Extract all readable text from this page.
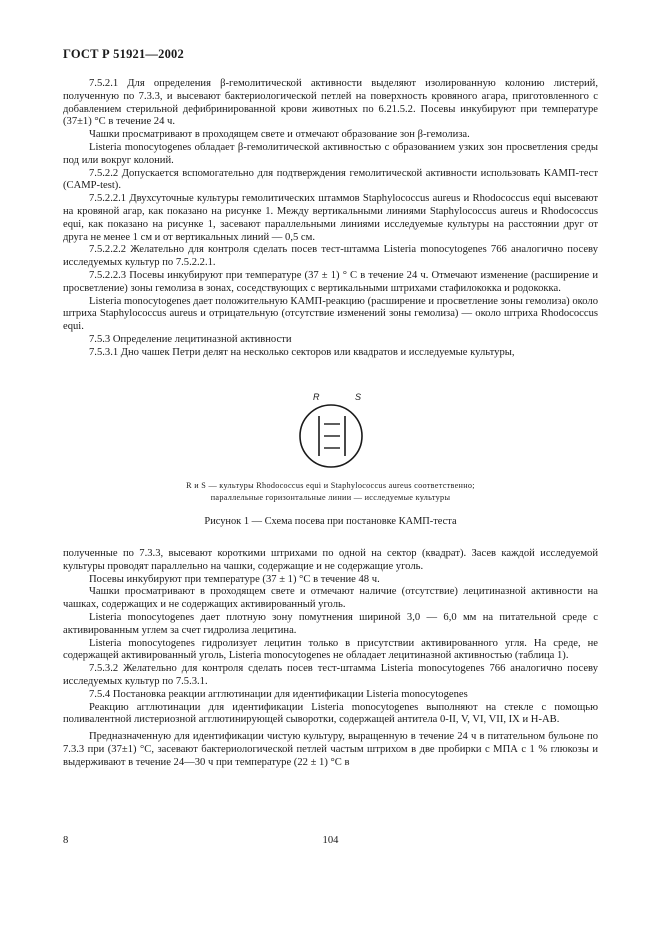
ГОСТ Р 51921—2002

7.5.2.1 Для определения β-гемолитической активности выделяют изолированную колонию листерий, полученную по 7.3.3, и высевают бактериологической петлей на поверхность кровяного агара, приготовленного с добавлением стерильной дефибринированной крови животных по 6.21.5.2. Посевы инкубируют при температуре (37±1) °С в течение 24 ч.

Чашки просматривают в проходящем свете и отмечают образование зон β-гемолиза.

Listeria monocytogenes обладает β-гемолитической активностью с образованием узких зон просветления среды под или вокруг колоний.

7.5.2.2 Допускается вспомогательно для подтверждения гемолитической активности использовать КАМП-тест (CAMP-test).

7.5.2.2.1 Двухсуточные культуры гемолитических штаммов Staphylococcus aureus и Rhodococcus equi высевают на кровяной агар, как показано на рисунке 1. Между вертикальными линиями Staphylococcus aureus и Rhodococcus equi, как показано на рисунке 1, засевают параллельными линиями исследуемые культуры на расстоянии друг от друга не менее 1 см и от вертикальных линий — 0,5 см.

7.5.2.2.2 Желательно для контроля сделать посев тест-штамма Listeria monocytogenes 766 аналогично посеву исследуемых культур по 7.5.2.2.1.

7.5.2.2.3 Посевы инкубируют при температуре (37 ± 1) ° С в течение 24 ч. Отмечают изменение (расширение и просветление) зоны гемолиза в зонах, соседствующих с вертикальными штрихами стафилококка и родококка.

Listeria monocytogenes дает положительную КАМП-реакцию (расширение и просветление зоны гемолиза) около штриха Staphylococcus aureus и отрицательную (отсутствие изменений зоны гемолиза) — около штриха Rhodococcus equi.

7.5.3 Определение лецитиназной активности

7.5.3.1 Дно чашек Петри делят на несколько секторов или квадратов и исследуемые культуры,

R	S
R и S — культуры Rhodococcus equi и Staphylococcus aureus соответственно;
параллельные горизонтальные линии — исследуемые культуры
Рисунок 1 — Схема посева при постановке КАМП-теста

полученные по 7.3.3, высевают короткими штрихами по одной на сектор (квадрат). Засев каждой исследуемой культуры проводят параллельно на чашки, содержащие и не содержащие уголь.

Посевы инкубируют при температуре (37 ± 1) °С в течение 48 ч.

Чашки просматривают в проходящем свете и отмечают наличие (отсутствие) лецитиназной активности на чашках, содержащих и не содержащих активированный уголь.

Listeria monocytogenes дает плотную зону помутнения шириной 3,0 — 6,0 мм на питательной среде с активированным углем за счет гидролиза лецитина.

Listeria monocytogenes гидролизует лецитин только в присутствии активированного угля. На среде, не содержащей активированный уголь, Listeria monocytogenes не обладает лецитиназной активностью (таблица 1).

7.5.3.2 Желательно для контроля сделать посев тест-штамма Listeria monocytogenes 766 аналогично посеву исследуемых культур по 7.5.3.1.

7.5.4 Постановка реакции агглютинации для идентификации Listeria monocytogenes

Реакцию агглютинации для идентификации Listeria monocytogenes выполняют на стекле с помощью поливалентной листериозной агглютинирующей сыворотки, содержащей антитела 0-II, V, VI, VII, IX и H-AB.

Предназначенную для идентификации чистую культуру, выращенную в течение 24 ч в питательном бульоне по 7.3.3 при (37±1) °С, засевают бактериологической петлей частым штрихом в две пробирки с МПА с 1 % глюкозы и выдерживают в течение 24—30 ч при температуре (22 ± 1) °С в

8	104
